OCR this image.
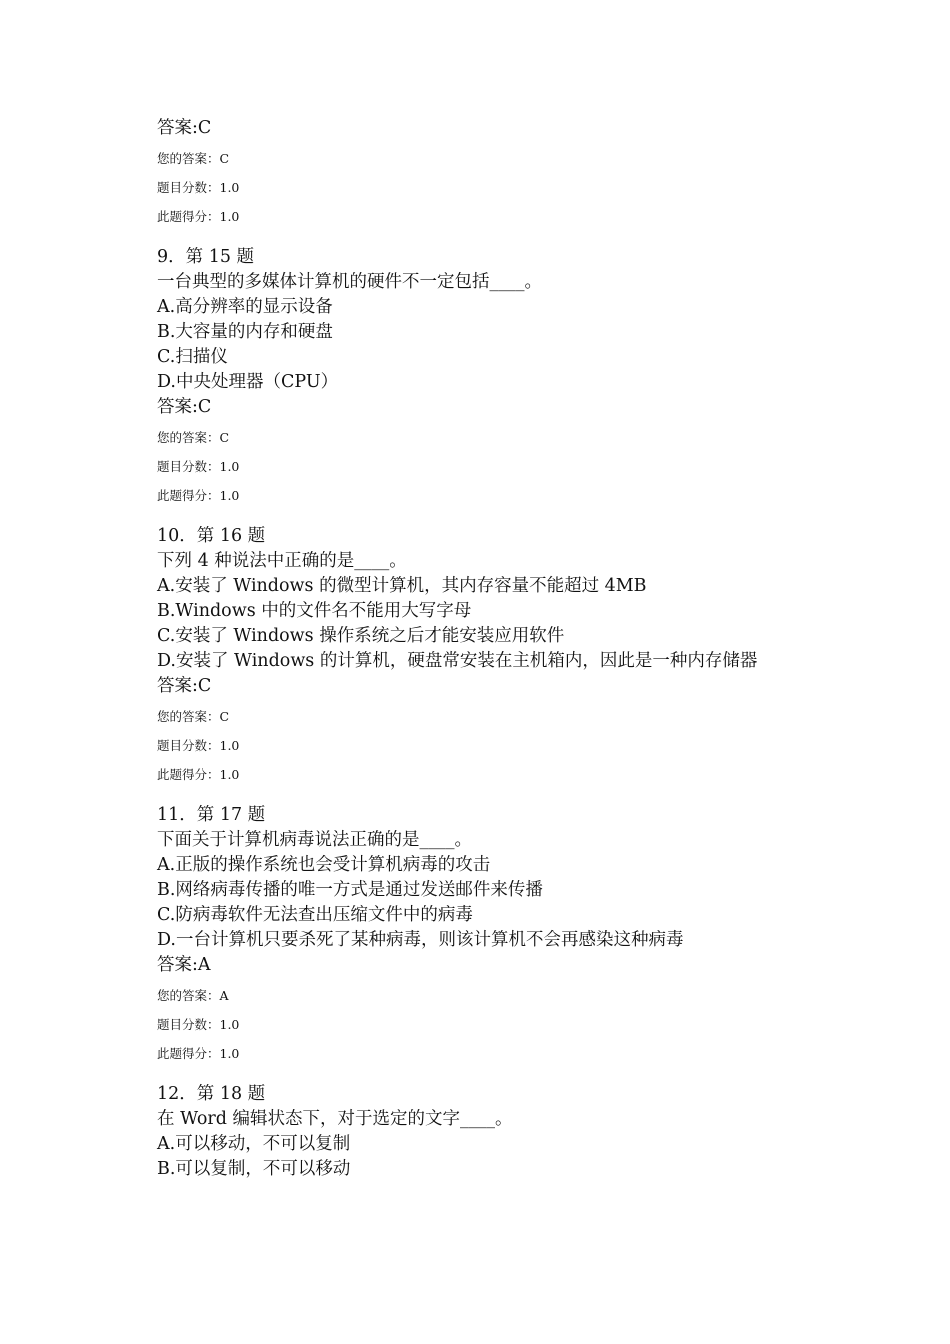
答案:C
您的答案：C
题目分数：1.0
此题得分：1.0
9．第 15 题
一台典型的多媒体计算机的硬件不一定包括____。
A.高分辨率的显示设备
B.大容量的内存和硬盘
C.扫描仪
D.中央处理器（CPU）
答案:C
您的答案：C
题目分数：1.0
此题得分：1.0
10．第 16 题
下列 4 种说法中正确的是____。
A.安装了 Windows 的微型计算机，其内存容量不能超过 4MB
B.Windows 中的文件名不能用大写字母
C.安装了 Windows 操作系统之后才能安装应用软件
D.安装了 Windows 的计算机，硬盘常安装在主机箱内，因此是一种内存储器
答案:C
您的答案：C
题目分数：1.0
此题得分：1.0
11．第 17 题
下面关于计算机病毒说法正确的是____。
A.正版的操作系统也会受计算机病毒的攻击
B.网络病毒传播的唯一方式是通过发送邮件来传播
C.防病毒软件无法查出压缩文件中的病毒
D.一台计算机只要杀死了某种病毒，则该计算机不会再感染这种病毒
答案:A
您的答案：A
题目分数：1.0
此题得分：1.0
12．第 18 题
在 Word 编辑状态下，对于选定的文字____。
A.可以移动，不可以复制
B.可以复制，不可以移动
